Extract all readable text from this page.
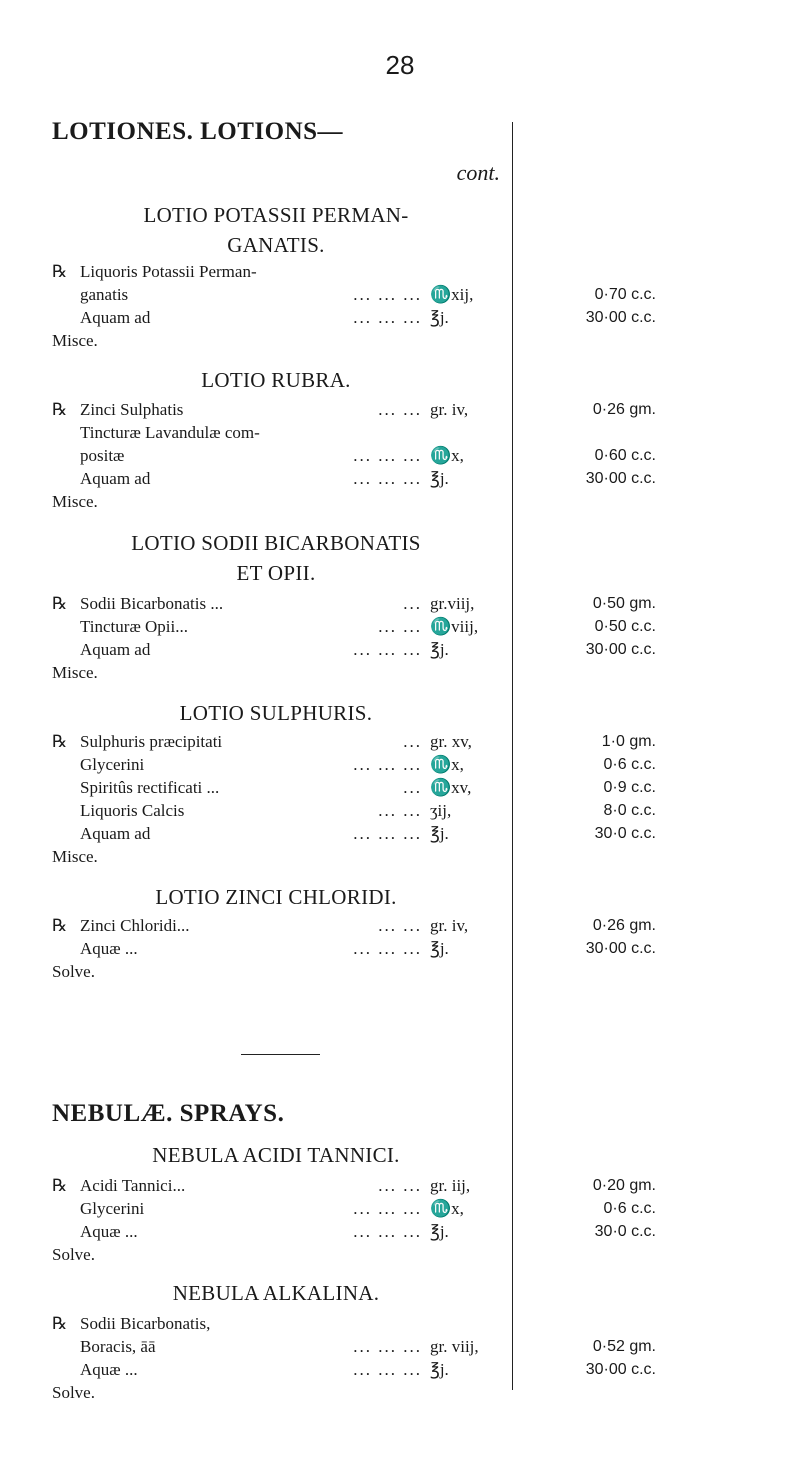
28
LOTIONES. LOTIONS—
cont.
NEBULÆ. SPRAYS.
LOTIO POTASSII PERMAN-
GANATIS.
℞ Liquoris Potassii Perman-
ganatis	... ... ... ♏xij,	0·70 c.c.
Aquam ad	... ... ... ℥j.	30·00 c.c.
Misce.
LOTIO RUBRA.
℞ Zinci Sulphatis	... ... gr. iv,	0·26 gm.
Tincturæ Lavandulæ com-
positæ	... ... ... ♏x,	0·60 c.c.
Aquam ad	... ... ... ℥j.	30·00 c.c.
Misce.
LOTIO SODII BICARBONATIS
ET OPII.
℞ Sodii Bicarbonatis ...	... gr.viij,	0·50 gm.
Tincturæ Opii...	... ... ♏viij,	0·50 c.c.
Aquam ad	... ... ... ℥j.	30·00 c.c.
Misce.
LOTIO SULPHURIS.
℞ Sulphuris præcipitati	... gr. xv,	1·0 gm.
Glycerini	... ... ... ♏x,	0·6 c.c.
Spiritûs rectificati ...	... ♏xv,	0·9 c.c.
Liquoris Calcis	... ... ʒij,	8·0 c.c.
Aquam ad	... ... ... ℥j.	30·0 c.c.
Misce.
LOTIO ZINCI CHLORIDI.
℞ Zinci Chloridi...	... ... gr. iv,	0·26 gm.
Aquæ ...	... ... ... ℥j.	30·00 c.c.
Solve.
NEBULA ACIDI TANNICI.
℞ Acidi Tannici...	... ... gr. iij,	0·20 gm.
Glycerini	... ... ... ♏x,	0·6 c.c.
Aquæ ...	... ... ... ℥j.	30·0 c.c.
Solve.
NEBULA ALKALINA.
℞ Sodii Bicarbonatis,
Boracis, āā	... ... ... gr. viij,	0·52 gm.
Aquæ ...	... ... ... ℥j.	30·00 c.c.
Solve.
